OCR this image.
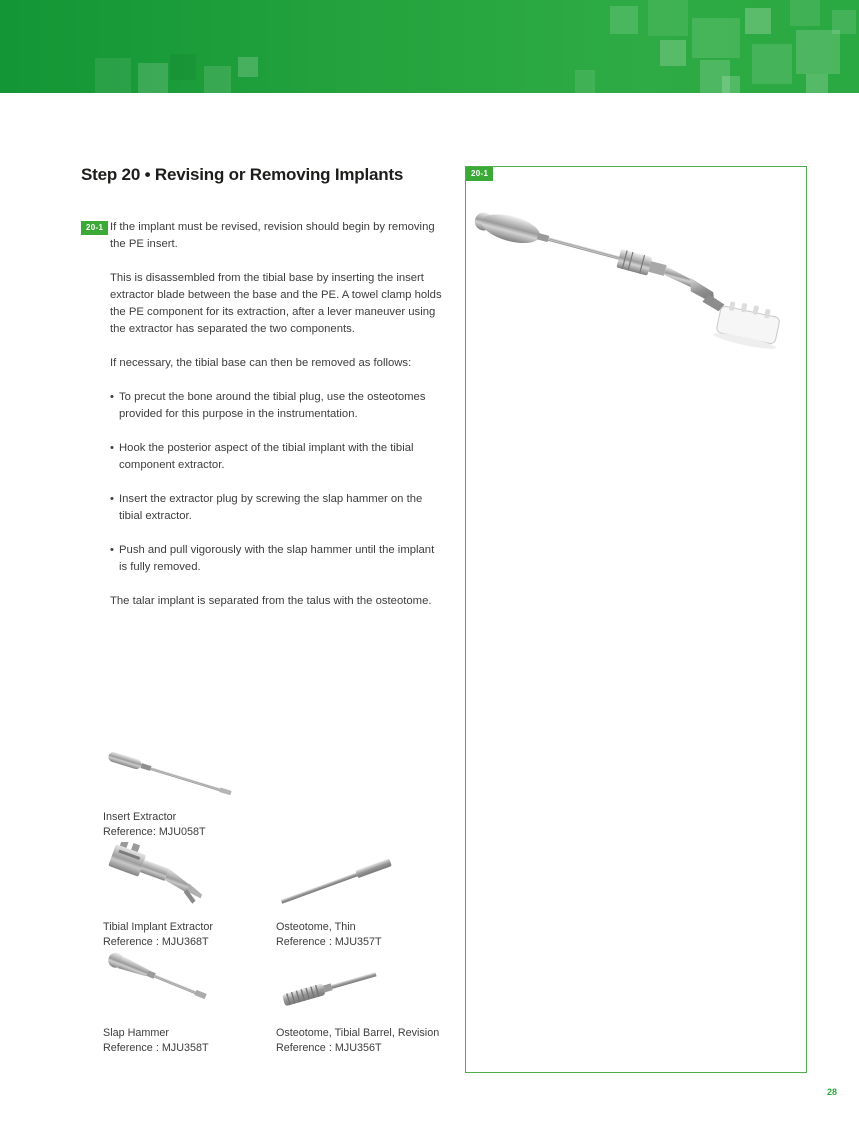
Step 20 • Revising or Removing Implants
20-1 If the implant must be revised, revision should begin by removing the PE insert.

This is disassembled from the tibial base by inserting the insert extractor blade between the base and the PE. A towel clamp holds the PE component for its extraction, after a lever maneuver using the extractor has separated the two components.

If necessary, the tibial base can then be removed as follows:

• To precut the bone around the tibial plug, use the osteotomes provided for this purpose in the instrumentation.
• Hook the posterior aspect of the tibial implant with the tibial component extractor.
• Insert the extractor plug by screwing the slap hammer on the tibial extractor.
• Push and pull vigorously with the slap hammer until the implant is fully removed.

The talar implant is separated from the talus with the osteotome.

Insert Extractor
Reference: MJU058T
Tibial Implant Extractor
Reference : MJU368T
Osteotome, Thin
Reference : MJU357T
Slap Hammer
Reference : MJU358T
Osteotome, Tibial Barrel, Revision
Reference : MJU356T
20-1
28
